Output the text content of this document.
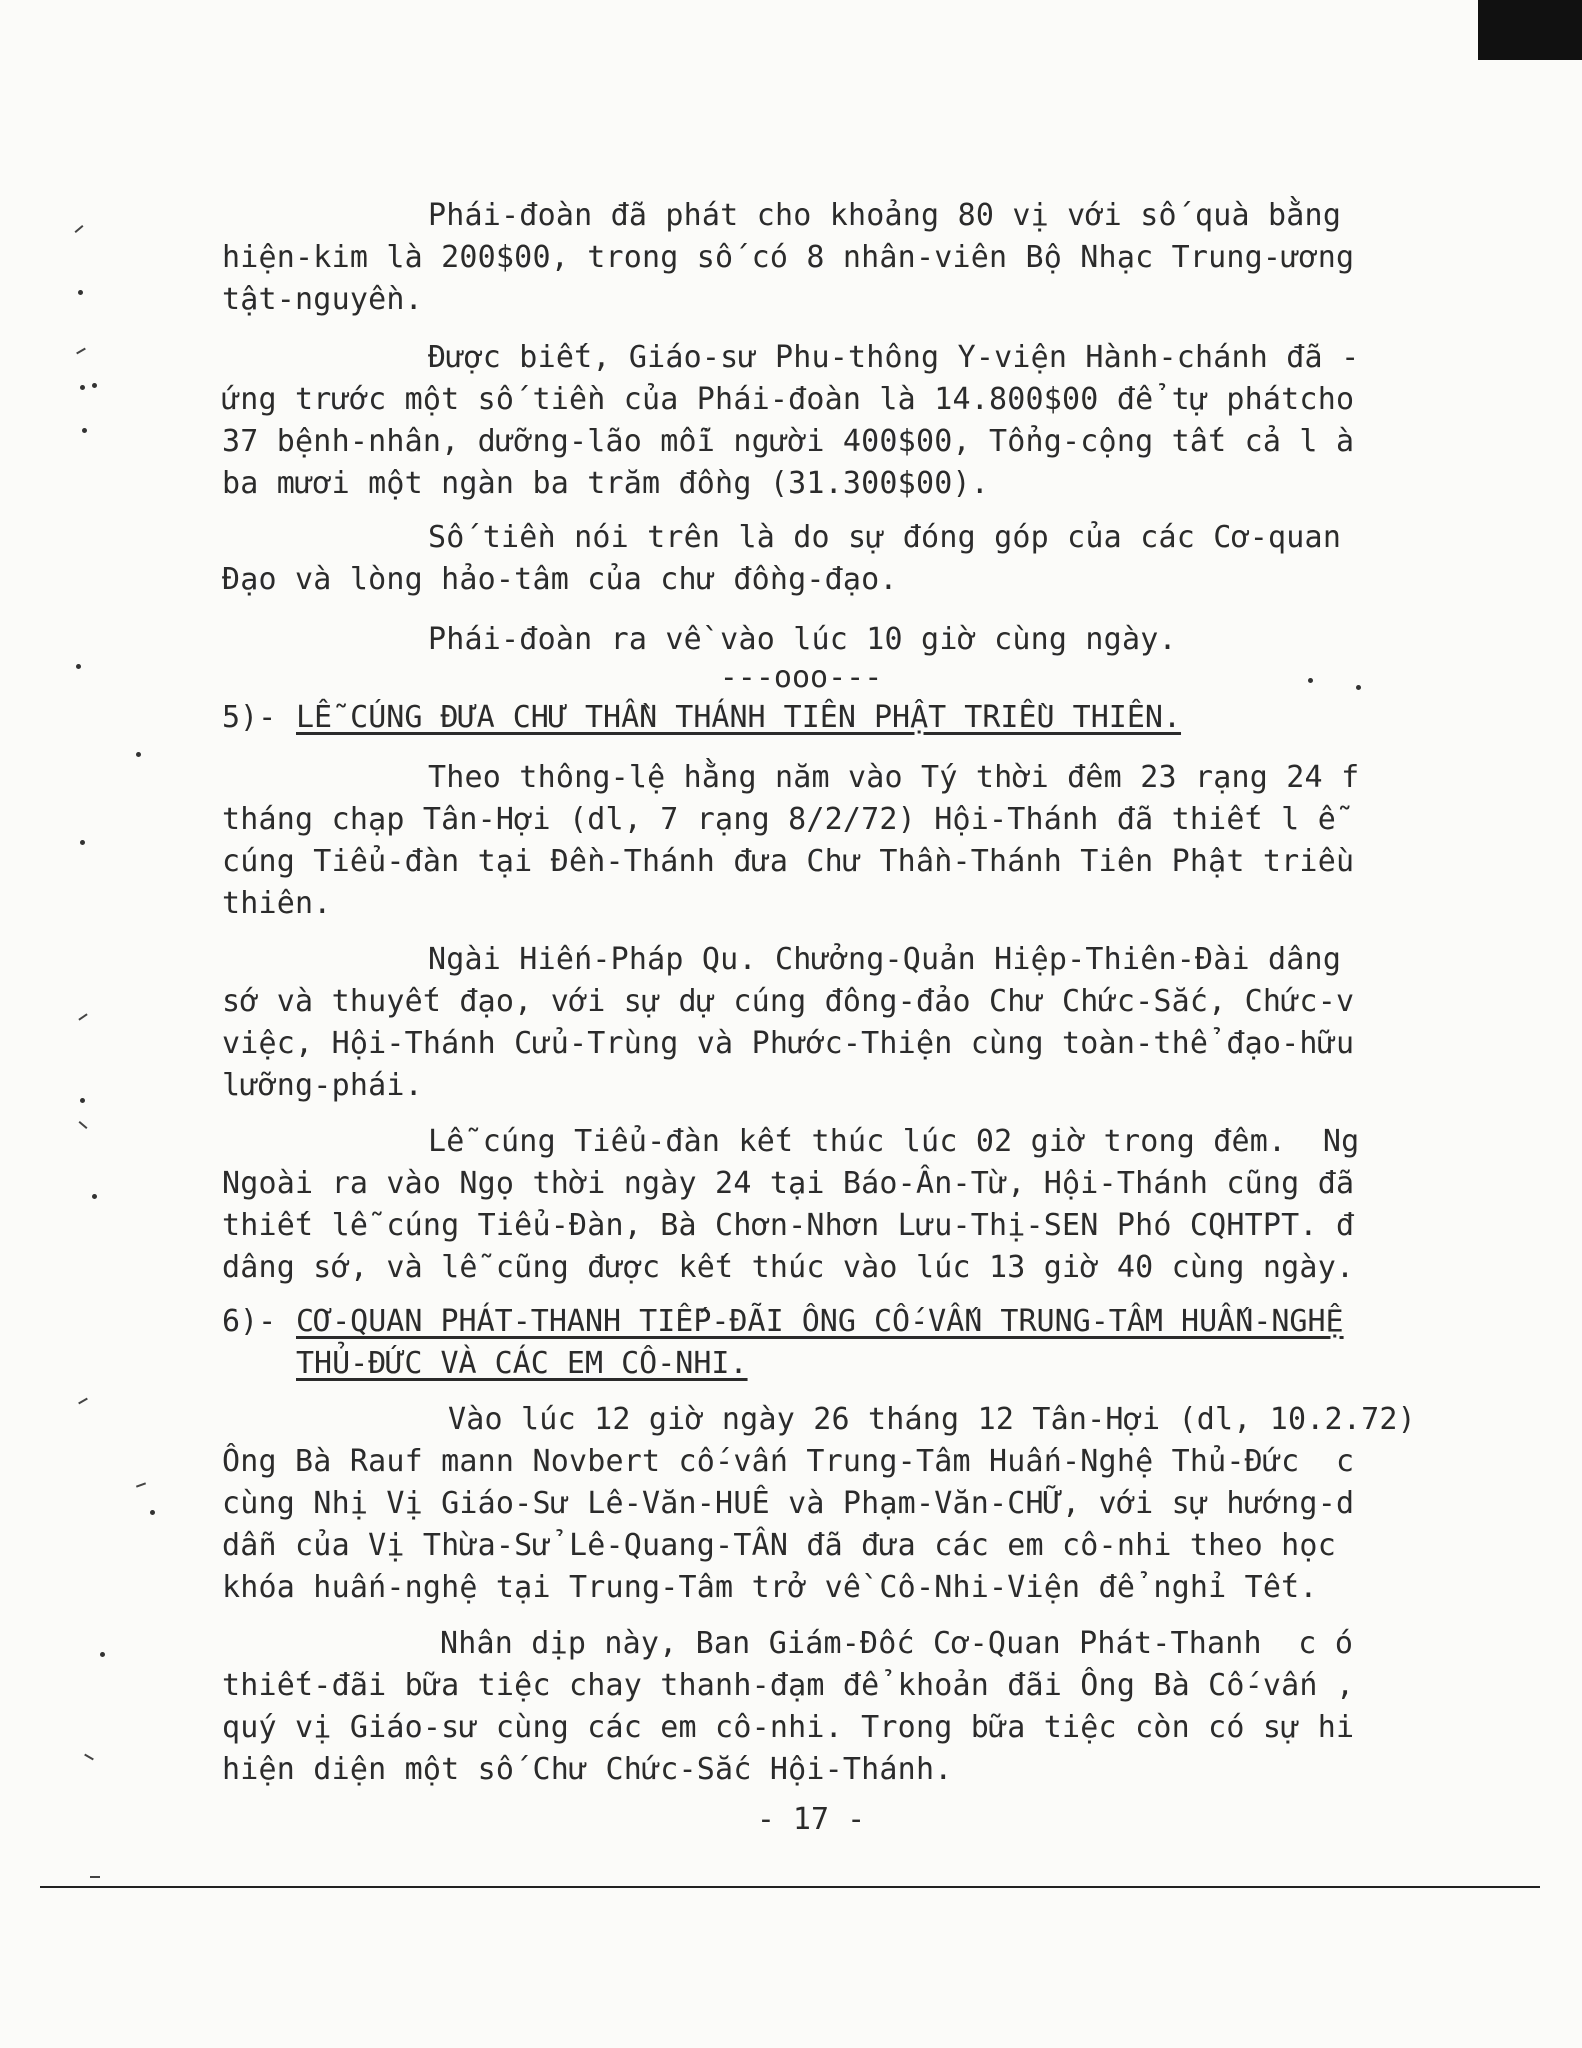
Phái-đoàn đã phát cho khoảng 80 vị với số quà bằng
hiện-kim là 200$00, trong số có 8 nhân-viên Bộ Nhạc Trung-ương
tật-nguyền.
Được biết, Giáo-sư Phu-thông Y-viện Hành-chánh đã -
ứng trước một số tiền của Phái-đoàn là 14.800$00 để tự phátcho
37 bệnh-nhân, dưỡng-lão mỗi người 400$00, Tổng-cộng tất cả l à
ba mươi một ngàn ba trăm đồng (31.300$00).
Số tiền nói trên là do sự đóng góp của các Cơ-quan
Đạo và lòng hảo-tâm của chư đồng-đạo.
Phái-đoàn ra về vào lúc 10 giờ cùng ngày.
---ooo---
5)- LỄ CÚNG ĐƯA CHƯ THẦN THÁNH TIÊN PHẬT TRIỀU THIÊN.
Theo thông-lệ hằng năm vào Tý thời đêm 23 rạng 24 f
tháng chạp Tân-Hợi (dl, 7 rạng 8/2/72) Hội-Thánh đã thiết l ễ
cúng Tiểu-đàn tại Đền-Thánh đưa Chư Thần-Thánh Tiên Phật triều
thiên.
Ngài Hiến-Pháp Qu. Chưởng-Quản Hiệp-Thiên-Đài dâng
sớ và thuyết đạo, với sự dự cúng đông-đảo Chư Chức-Sắc, Chức-v
việc, Hội-Thánh Cửu-Trùng và Phước-Thiện cùng toàn-thể đạo-hữu
lưỡng-phái.
Lễ cúng Tiểu-đàn kết thúc lúc 02 giờ trong đêm.  Ng
Ngoài ra vào Ngọ thời ngày 24 tại Báo-Ân-Từ, Hội-Thánh cũng đã
thiết lễ cúng Tiểu-Đàn, Bà Chơn-Nhơn Lưu-Thị-SEN Phó CQHTPT. đ
dâng sớ, và lễ cũng được kết thúc vào lúc 13 giờ 40 cùng ngày.
6)- CƠ-QUAN PHÁT-THANH TIẾP-ĐÃI ÔNG CỐ-VẤN TRUNG-TÂM HUẤN-NGHỆ
THỦ-ĐỨC VÀ CÁC EM CÔ-NHI.
Vào lúc 12 giờ ngày 26 tháng 12 Tân-Hợi (dl, 10.2.72)
Ông Bà Rauf mann Novbert cố-vấn Trung-Tâm Huấn-Nghệ Thủ-Đức  c
cùng Nhị Vị Giáo-Sư Lê-Văn-HUÊ và Phạm-Văn-CHỮ, với sự hướng-d
dẫn của Vị Thừa-Sử Lê-Quang-TÂN đã đưa các em cô-nhi theo học
khóa huấn-nghệ tại Trung-Tâm trở về Cô-Nhi-Viện để nghỉ Tết.
Nhân dịp này, Ban Giám-Đốc Cơ-Quan Phát-Thanh  c ó
thiết-đãi bữa tiệc chay thanh-đạm để khoản đãi Ông Bà Cố-vấn ,
quý vị Giáo-sư cùng các em cô-nhi. Trong bữa tiệc còn có sự hi
hiện diện một số Chư Chức-Sắc Hội-Thánh.
- 17 -
